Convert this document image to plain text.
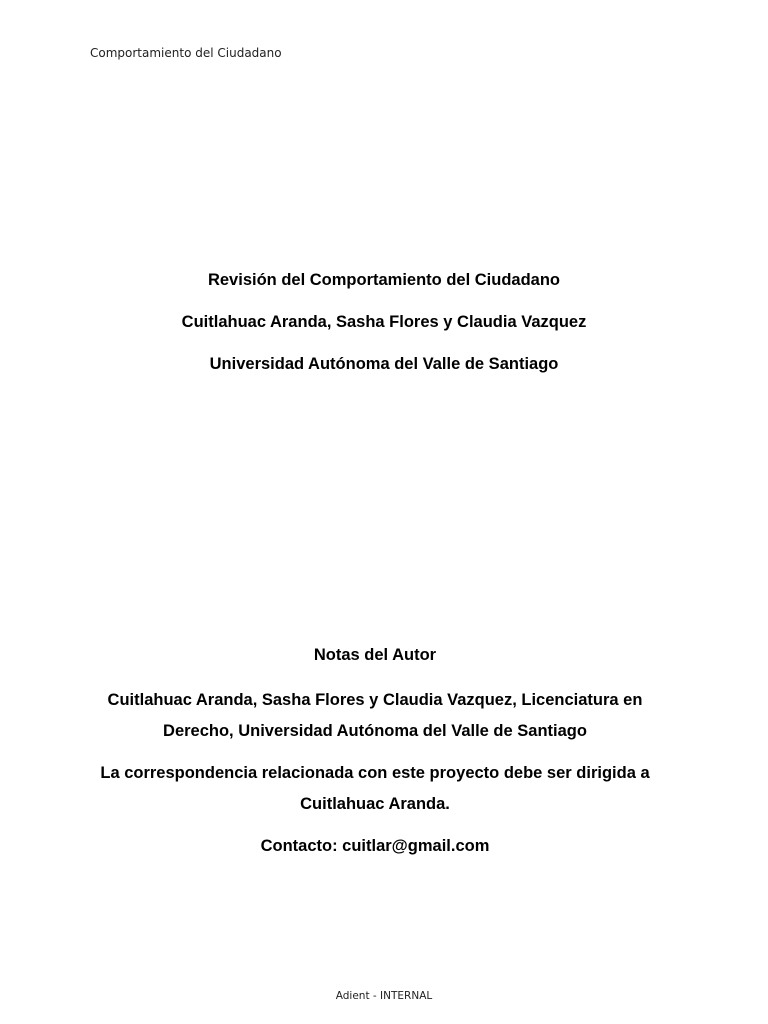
Comportamiento del Ciudadano

Revisión del Comportamiento del Ciudadano

Cuitlahuac Aranda, Sasha Flores y Claudia Vazquez

Universidad Autónoma del Valle de Santiago

Notas del Autor

Cuitlahuac Aranda, Sasha Flores y Claudia Vazquez, Licenciatura en Derecho, Universidad Autónoma del Valle de Santiago

La correspondencia relacionada con este proyecto debe ser dirigida a Cuitlahuac Aranda.

Contacto: cuitlar@gmail.com

Adient - INTERNAL
